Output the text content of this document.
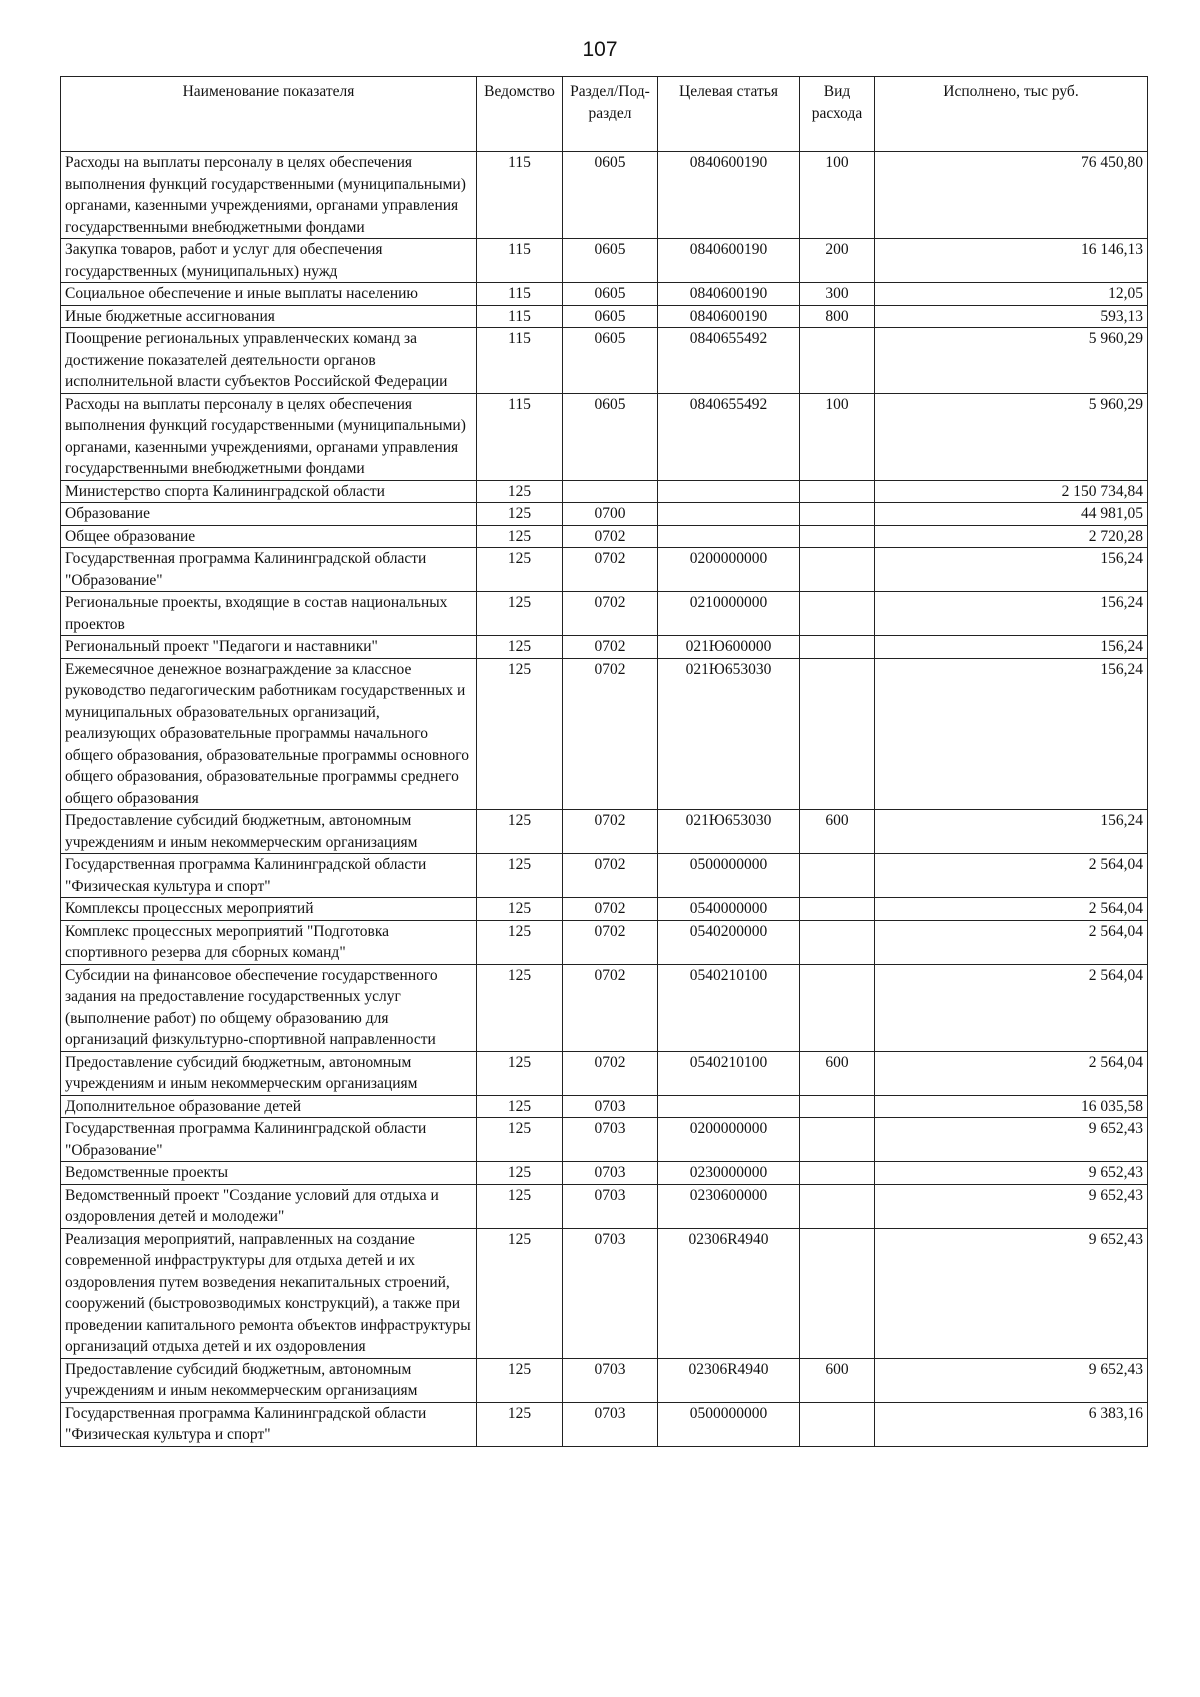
107
Наименование показателя	Ведомство	Раздел/Под-раздел	Целевая статья	Вид расхода	Исполнено, тыс руб.
Расходы на выплаты персоналу в целях обеспечения выполнения функций государственными (муниципальными) органами, казенными учреждениями, органами управления государственными внебюджетными фондами	115	0605	0840600190	100	76 450,80
Закупка товаров, работ и услуг для обеспечения государственных (муниципальных) нужд	115	0605	0840600190	200	16 146,13
Социальное обеспечение и иные выплаты населению	115	0605	0840600190	300	12,05
Иные бюджетные ассигнования	115	0605	0840600190	800	593,13
Поощрение региональных управленческих команд за достижение показателей деятельности органов исполнительной власти субъектов Российской Федерации	115	0605	0840655492		5 960,29
Расходы на выплаты персоналу в целях обеспечения выполнения функций государственными (муниципальными) органами, казенными учреждениями, органами управления государственными внебюджетными фондами	115	0605	0840655492	100	5 960,29
Министерство спорта Калининградской области	125				2 150 734,84
Образование	125	0700			44 981,05
Общее образование	125	0702			2 720,28
Государственная программа Калининградской области "Образование"	125	0702	0200000000		156,24
Региональные проекты, входящие в состав национальных проектов	125	0702	0210000000		156,24
Региональный проект "Педагоги и наставники"	125	0702	021Ю600000		156,24
Ежемесячное денежное вознаграждение за классное руководство педагогическим работникам государственных и муниципальных образовательных организаций, реализующих образовательные программы начального общего образования, образовательные программы основного общего образования, образовательные программы среднего общего образования	125	0702	021Ю653030		156,24
Предоставление субсидий бюджетным, автономным учреждениям и иным некоммерческим организациям	125	0702	021Ю653030	600	156,24
Государственная программа Калининградской области "Физическая культура и спорт"	125	0702	0500000000		2 564,04
Комплексы процессных мероприятий	125	0702	0540000000		2 564,04
Комплекс процессных мероприятий "Подготовка спортивного резерва для сборных команд"	125	0702	0540200000		2 564,04
Субсидии на финансовое обеспечение государственного задания на предоставление государственных услуг (выполнение работ) по общему образованию для организаций физкультурно-спортивной направленности	125	0702	0540210100		2 564,04
Предоставление субсидий бюджетным, автономным учреждениям и иным некоммерческим организациям	125	0702	0540210100	600	2 564,04
Дополнительное образование детей	125	0703			16 035,58
Государственная программа Калининградской области "Образование"	125	0703	0200000000		9 652,43
Ведомственные проекты	125	0703	0230000000		9 652,43
Ведомственный проект "Создание условий для отдыха и оздоровления детей и молодежи"	125	0703	0230600000		9 652,43
Реализация мероприятий, направленных на создание современной инфраструктуры для отдыха детей и их оздоровления путем возведения некапитальных строений, сооружений (быстровозводимых конструкций), а также при проведении капитального ремонта объектов инфраструктуры организаций отдыха детей и их оздоровления	125	0703	02306R4940		9 652,43
Предоставление субсидий бюджетным, автономным учреждениям и иным некоммерческим организациям	125	0703	02306R4940	600	9 652,43
Государственная программа Калининградской области "Физическая культура и спорт"	125	0703	0500000000		6 383,16
